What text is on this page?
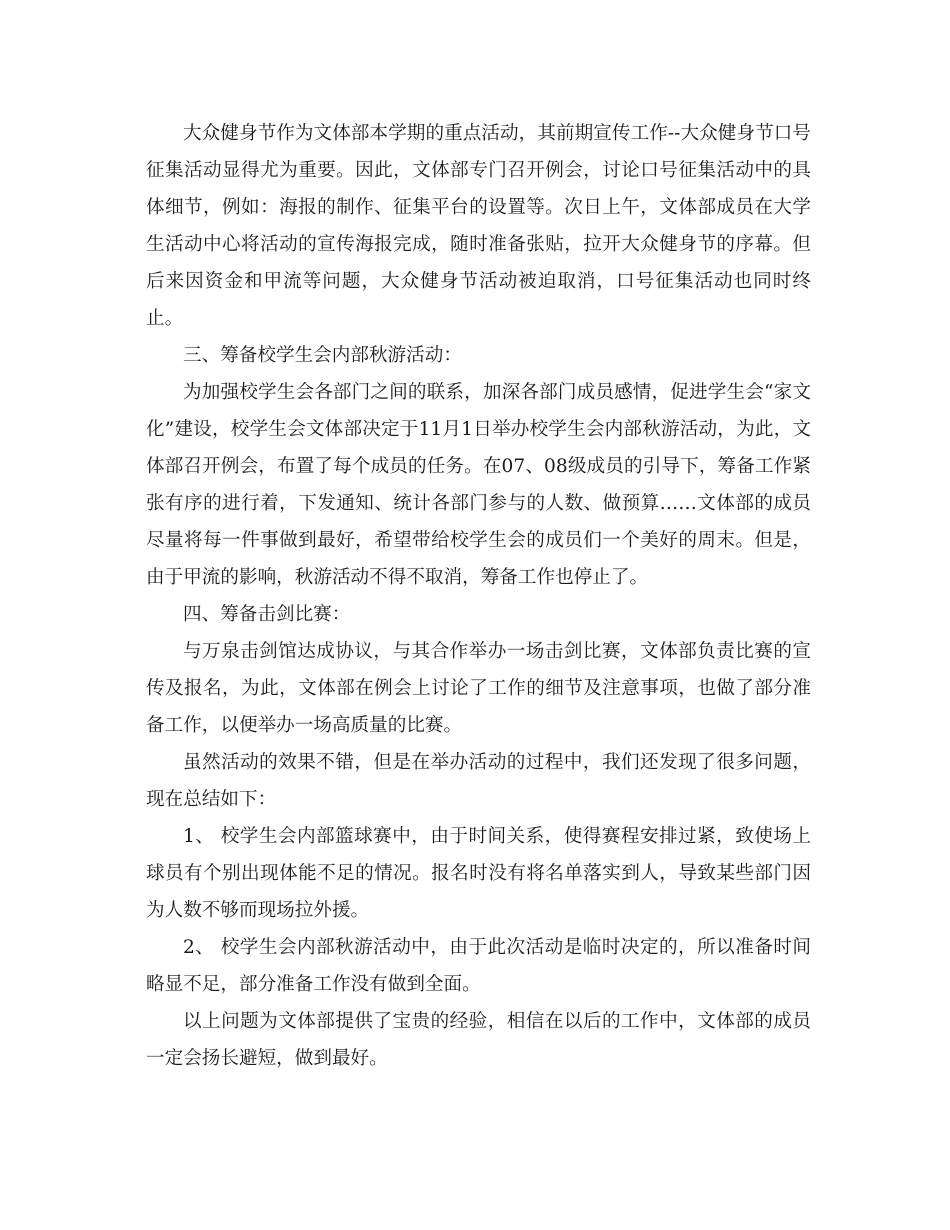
大众健身节作为文体部本学期的重点活动，其前期宣传工作--大众健身节口号征集活动显得尤为重要。因此，文体部专门召开例会，讨论口号征集活动中的具体细节，例如：海报的制作、征集平台的设置等。次日上午，文体部成员在大学生活动中心将活动的宣传海报完成，随时准备张贴，拉开大众健身节的序幕。但后来因资金和甲流等问题，大众健身节活动被迫取消，口号征集活动也同时终止。

三、筹备校学生会内部秋游活动：

为加强校学生会各部门之间的联系，加深各部门成员感情，促进学生会“家文化”建设，校学生会文体部决定于11月1日举办校学生会内部秋游活动，为此，文体部召开例会，布置了每个成员的任务。在07、08级成员的引导下，筹备工作紧张有序的进行着，下发通知、统计各部门参与的人数、做预算……文体部的成员尽量将每一件事做到最好，希望带给校学生会的成员们一个美好的周末。但是，由于甲流的影响，秋游活动不得不取消，筹备工作也停止了。

四、筹备击剑比赛：

与万泉击剑馆达成协议，与其合作举办一场击剑比赛，文体部负责比赛的宣传及报名，为此，文体部在例会上讨论了工作的细节及注意事项，也做了部分准备工作，以便举办一场高质量的比赛。

虽然活动的效果不错，但是在举办活动的过程中，我们还发现了很多问题，现在总结如下：

1、 校学生会内部篮球赛中，由于时间关系，使得赛程安排过紧，致使场上球员有个别出现体能不足的情况。报名时没有将名单落实到人，导致某些部门因为人数不够而现场拉外援。

2、 校学生会内部秋游活动中，由于此次活动是临时决定的，所以准备时间略显不足，部分准备工作没有做到全面。

以上问题为文体部提供了宝贵的经验，相信在以后的工作中，文体部的成员一定会扬长避短，做到最好。
